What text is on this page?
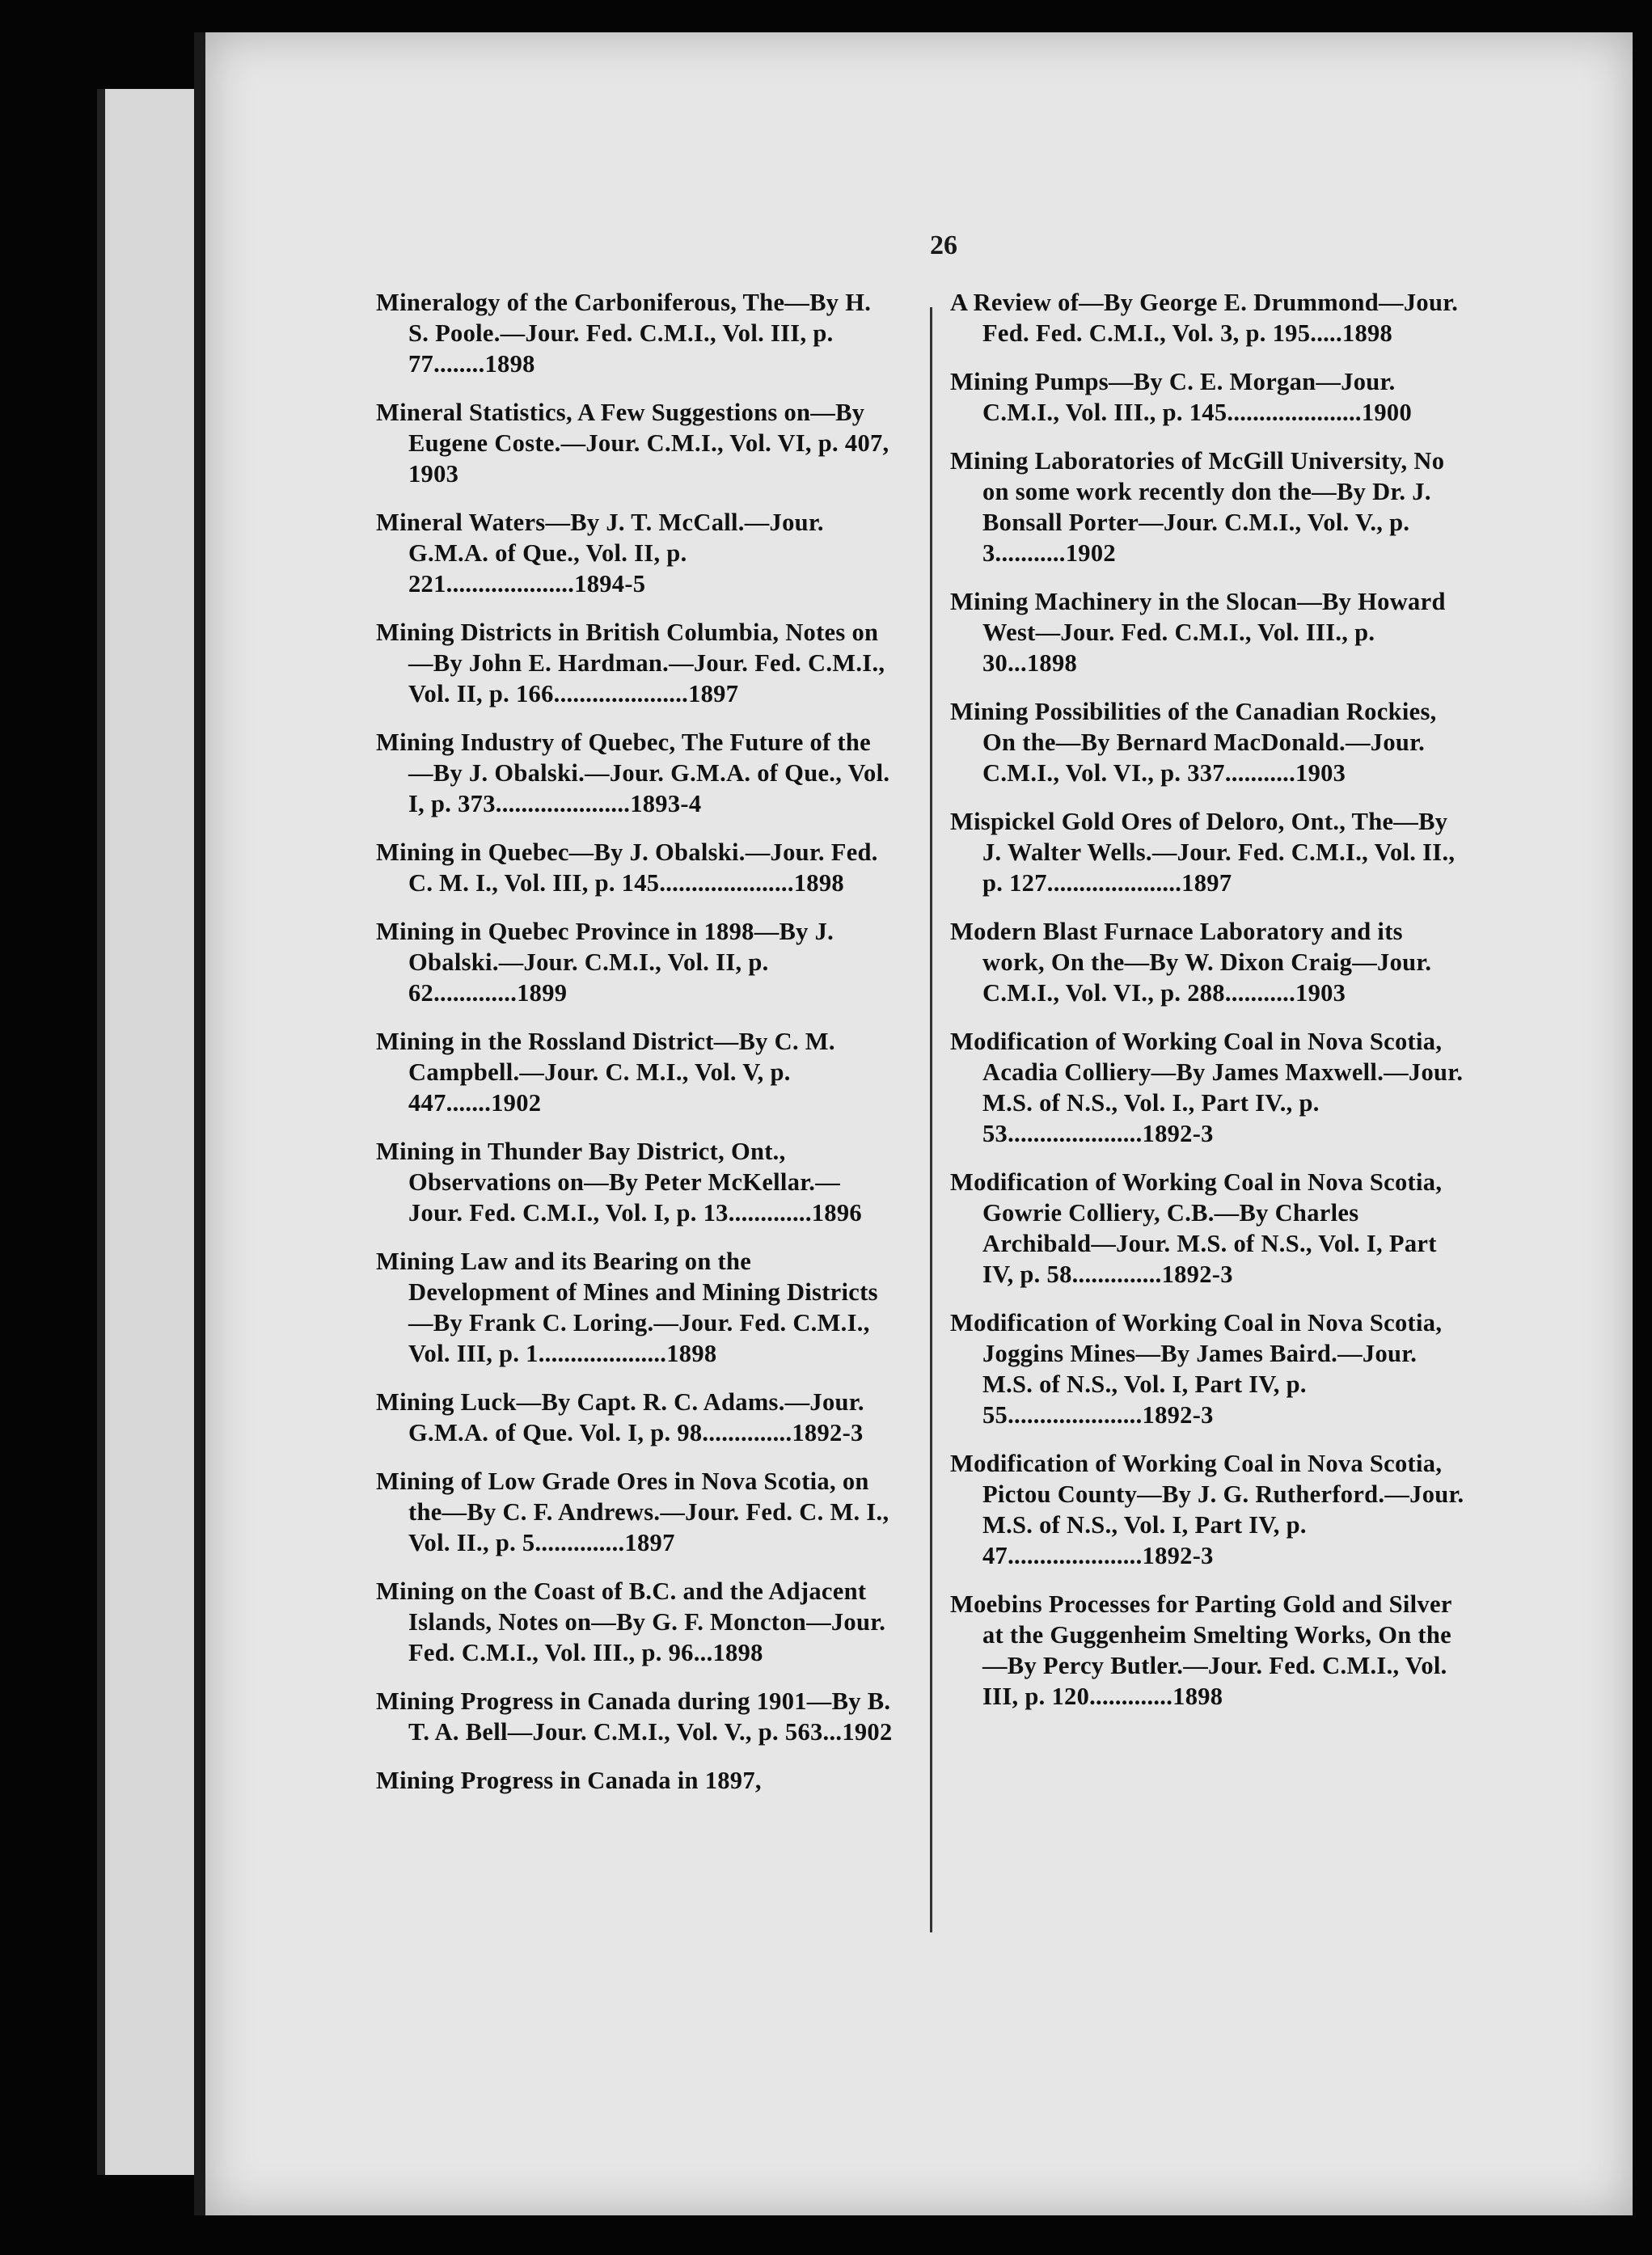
26

Mineralogy of the Carboniferous, The—By H. S. Poole.—Jour. Fed. C.M.I., Vol. III, p. 77........1898

Mineral Statistics, A Few Suggestions on—By Eugene Coste.—Jour. C.M.I., Vol. VI, p. 407, 1903

Mineral Waters—By J. T. McCall.—Jour. G.M.A. of Que., Vol. II, p. 221....................1894-5

Mining Districts in British Columbia, Notes on—By John E. Hardman.—Jour. Fed. C.M.I., Vol. II, p. 166.....................1897

Mining Industry of Quebec, The Future of the—By J. Obalski.—Jour. G.M.A. of Que., Vol. I, p. 373.....................1893-4

Mining in Quebec—By J. Obalski.—Jour. Fed. C. M. I., Vol. III, p. 145.....................1898

Mining in Quebec Province in 1898—By J. Obalski.—Jour. C.M.I., Vol. II, p. 62.............1899

Mining in the Rossland District—By C. M. Campbell.—Jour. C. M.I., Vol. V, p. 447.......1902

Mining in Thunder Bay District, Ont., Observations on—By Peter McKellar.—Jour. Fed. C.M.I., Vol. I, p. 13.............1896

Mining Law and its Bearing on the Development of Mines and Mining Districts—By Frank C. Loring.—Jour. Fed. C.M.I., Vol. III, p. 1....................1898

Mining Luck—By Capt. R. C. Adams.—Jour. G.M.A. of Que. Vol. I, p. 98..............1892-3

Mining of Low Grade Ores in Nova Scotia, on the—By C. F. Andrews.—Jour. Fed. C. M. I., Vol. II., p. 5..............1897

Mining on the Coast of B.C. and the Adjacent Islands, Notes on—By G. F. Moncton—Jour. Fed. C.M.I., Vol. III., p. 96...1898

Mining Progress in Canada during 1901—By B. T. A. Bell—Jour. C.M.I., Vol. V., p. 563...1902

Mining Progress in Canada in 1897,

A Review of—By George E. Drummond—Jour. Fed. Fed. C.M.I., Vol. 3, p. 195.....1898

Mining Pumps—By C. E. Morgan—Jour. C.M.I., Vol. III., p. 145.....................1900

Mining Laboratories of McGill University, No on some work recently don the—By Dr. J. Bonsall Porter—Jour. C.M.I., Vol. V., p. 3...........1902

Mining Machinery in the Slocan—By Howard West—Jour. Fed. C.M.I., Vol. III., p. 30...1898

Mining Possibilities of the Canadian Rockies, On the—By Bernard MacDonald.—Jour. C.M.I., Vol. VI., p. 337...........1903

Mispickel Gold Ores of Deloro, Ont., The—By J. Walter Wells.—Jour. Fed. C.M.I., Vol. II., p. 127.....................1897

Modern Blast Furnace Laboratory and its work, On the—By W. Dixon Craig—Jour. C.M.I., Vol. VI., p. 288...........1903

Modification of Working Coal in Nova Scotia, Acadia Colliery—By James Maxwell.—Jour. M.S. of N.S., Vol. I., Part IV., p. 53.....................1892-3

Modification of Working Coal in Nova Scotia, Gowrie Colliery, C.B.—By Charles Archibald—Jour. M.S. of N.S., Vol. I, Part IV, p. 58..............1892-3

Modification of Working Coal in Nova Scotia, Joggins Mines—By James Baird.—Jour. M.S. of N.S., Vol. I, Part IV, p. 55.....................1892-3

Modification of Working Coal in Nova Scotia, Pictou County—By J. G. Rutherford.—Jour. M.S. of N.S., Vol. I, Part IV, p. 47.....................1892-3

Moebins Processes for Parting Gold and Silver at the Guggenheim Smelting Works, On the—By Percy Butler.—Jour. Fed. C.M.I., Vol. III, p. 120.............1898
